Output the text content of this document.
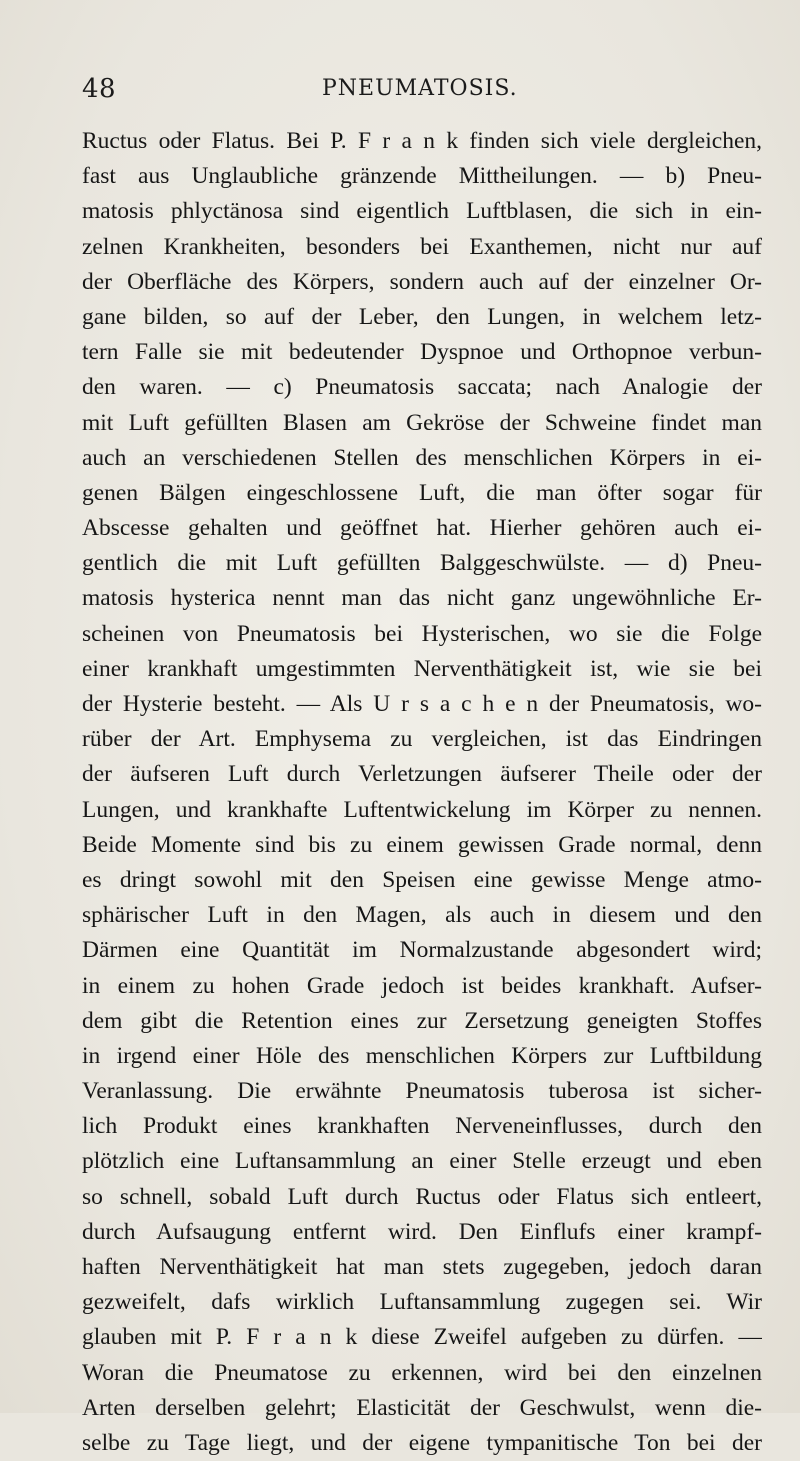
48	PNEUMATOSIS.
Ructus oder Flatus. Bei P. F r a n k finden sich viele dergleichen,
fast aus Unglaubliche gränzende Mittheilungen. — b) Pneu-
matosis phlyctänosa sind eigentlich Luftblasen, die sich in ein-
zelnen Krankheiten, besonders bei Exanthemen, nicht nur auf
der Oberfläche des Körpers, sondern auch auf der einzelner Or-
gane bilden, so auf der Leber, den Lungen, in welchem letz-
tern Falle sie mit bedeutender Dyspnoe und Orthopnoe verbun-
den waren. — c) Pneumatosis saccata; nach Analogie der
mit Luft gefüllten Blasen am Gekröse der Schweine findet man
auch an verschiedenen Stellen des menschlichen Körpers in ei-
genen Bälgen eingeschlossene Luft, die man öfter sogar für
Abscesse gehalten und geöffnet hat. Hierher gehören auch ei-
gentlich die mit Luft gefüllten Balggeschwülste. — d) Pneu-
matosis hysterica nennt man das nicht ganz ungewöhnliche Er-
scheinen von Pneumatosis bei Hysterischen, wo sie die Folge
einer krankhaft umgestimmten Nerventhätigkeit ist, wie sie bei
der Hysterie besteht. — Als U r s a c h e n der Pneumatosis, wo-
rüber der Art. Emphysema zu vergleichen, ist das Eindringen
der äufseren Luft durch Verletzungen äufserer Theile oder der
Lungen, und krankhafte Luftentwickelung im Körper zu nennen.
Beide Momente sind bis zu einem gewissen Grade normal, denn
es dringt sowohl mit den Speisen eine gewisse Menge atmo-
sphärischer Luft in den Magen, als auch in diesem und den
Därmen eine Quantität im Normalzustande abgesondert wird;
in einem zu hohen Grade jedoch ist beides krankhaft. Aufser-
dem gibt die Retention eines zur Zersetzung geneigten Stoffes
in irgend einer Höle des menschlichen Körpers zur Luftbildung
Veranlassung. Die erwähnte Pneumatosis tuberosa ist sicher-
lich Produkt eines krankhaften Nerveneinflusses, durch den
plötzlich eine Luftansammlung an einer Stelle erzeugt und eben
so schnell, sobald Luft durch Ructus oder Flatus sich entleert,
durch Aufsaugung entfernt wird. Den Einflufs einer krampf-
haften Nerventhätigkeit hat man stets zugegeben, jedoch daran
gezweifelt, dafs wirklich Luftansammlung zugegen sei. Wir
glauben mit P. F r a n k diese Zweifel aufgeben zu dürfen. —
Woran die Pneumatose zu erkennen, wird bei den einzelnen
Arten derselben gelehrt; Elasticität der Geschwulst, wenn die-
selbe zu Tage liegt, und der eigene tympanitische Ton bei der
